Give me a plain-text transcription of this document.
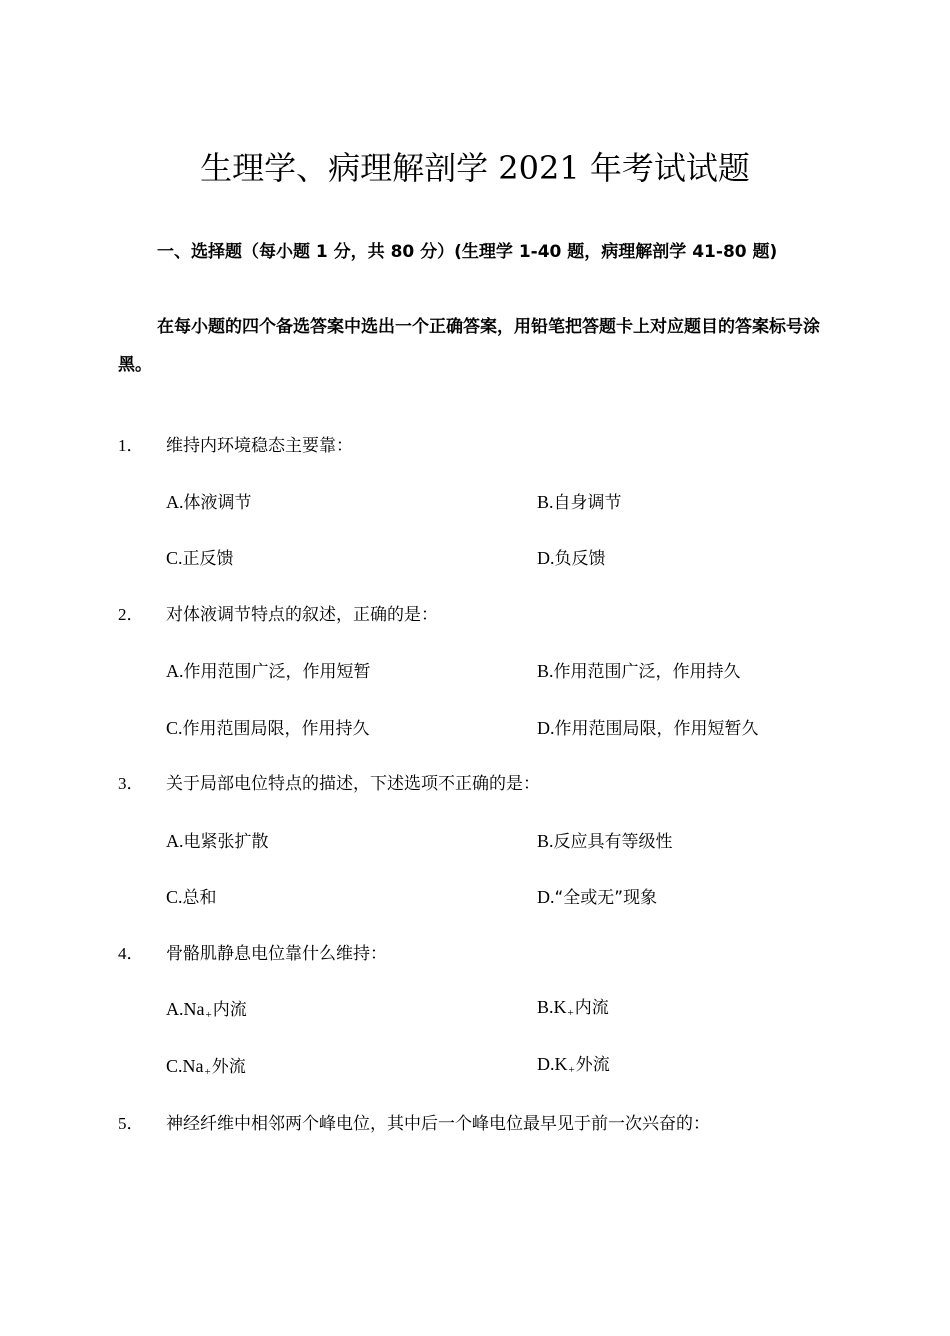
生理学、病理解剖学 2021 年考试试题
一、选择题（每小题 1 分，共 80 分）(生理学 1-40 题，病理解剖学 41-80 题)
在每小题的四个备选答案中选出一个正确答案，用铅笔把答题卡上对应题目的答案标号涂黑。
1． 维持内环境稳态主要靠：
A.体液调节	B.自身调节
C.正反馈	D.负反馈
2． 对体液调节特点的叙述，正确的是：
A.作用范围广泛，作用短暂	B.作用范围广泛，作用持久
C.作用范围局限，作用持久	D.作用范围局限，作用短暂久
3． 关于局部电位特点的描述，下述选项不正确的是：
A.电紧张扩散	B.反应具有等级性
C.总和	D.“全或无”现象
4． 骨骼肌静息电位靠什么维持：
A.Na+内流	B.K+内流
C.Na+外流	D.K+外流
5． 神经纤维中相邻两个峰电位，其中后一个峰电位最早见于前一次兴奋的：
